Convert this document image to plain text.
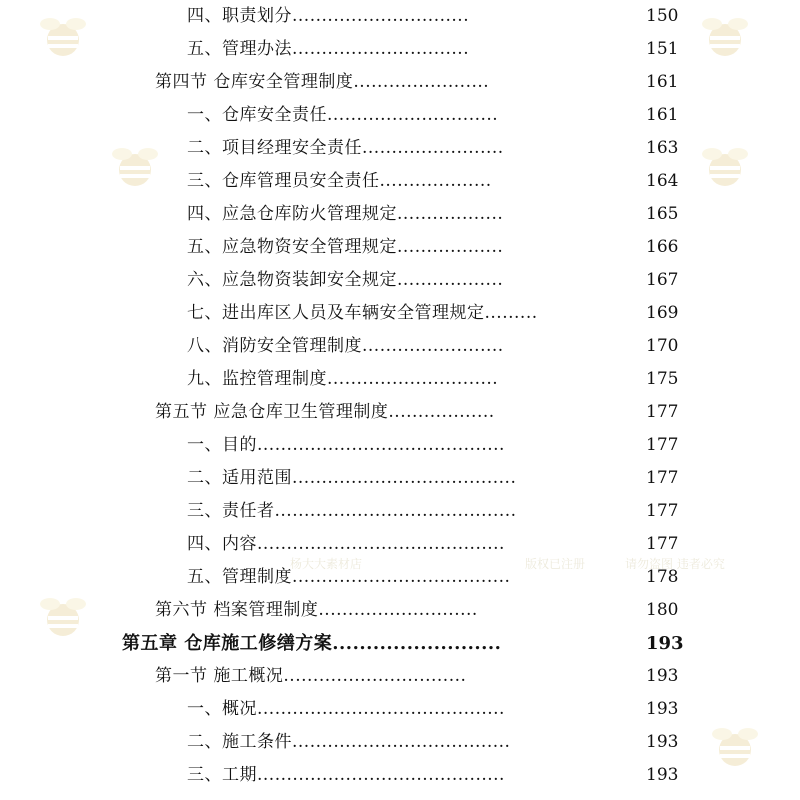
四、职责划分..............................	150
五、管理办法..............................	151
第四节 仓库安全管理制度.......................	161
一、仓库安全责任.............................	161
二、项目经理安全责任........................	163
三、仓库管理员安全责任...................	164
四、应急仓库防火管理规定..................	165
五、应急物资安全管理规定..................	166
六、应急物资装卸安全规定..................	167
七、进出库区人员及车辆安全管理规定.........	169
八、消防安全管理制度........................	170
九、监控管理制度.............................	175
第五节 应急仓库卫生管理制度..................	177
一、目的..........................................	177
二、适用范围......................................	177
三、责任者.........................................	177
四、内容..........................................	177
五、管理制度.....................................	178
第六节 档案管理制度...........................	180
第五章 仓库施工修缮方案.........................	193
第一节 施工概况...............................	193
一、概况..........................................	193
二、施工条件.....................................	193
三、工期..........................................	193
杨大大素材店	版权已注册	请勿盗图 违者必究
